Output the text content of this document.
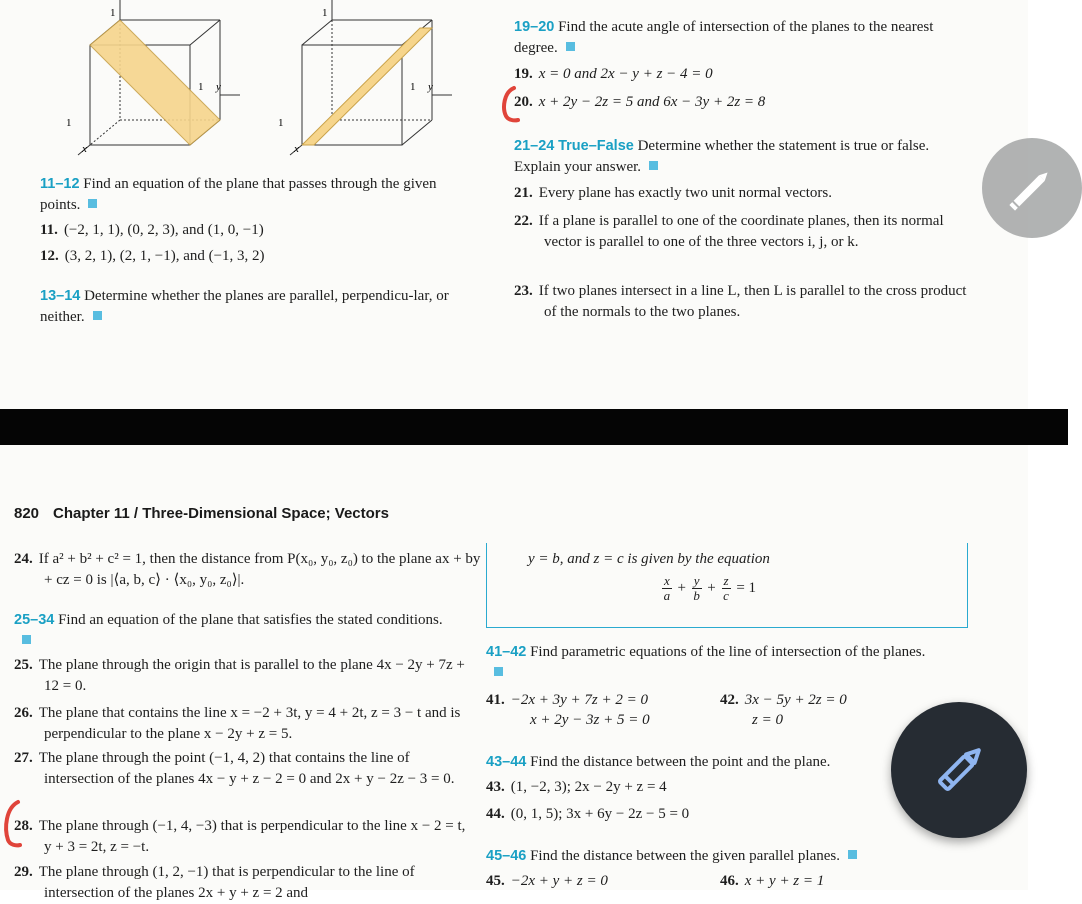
1
1 y
1
x
1
1 y
1
x
11–12 Find an equation of the plane that passes through the given points.
11. (−2, 1, 1), (0, 2, 3), and (1, 0, −1)
12. (3, 2, 1), (2, 1, −1), and (−1, 3, 2)
13–14 Determine whether the planes are parallel, perpendicu-lar, or neither.
19–20 Find the acute angle of intersection of the planes to the nearest degree.
19. x = 0 and 2x − y + z − 4 = 0
20. x + 2y − 2z = 5 and 6x − 3y + 2z = 8
21–24 True–False Determine whether the statement is true or false. Explain your answer.
21. Every plane has exactly two unit normal vectors.
22. If a plane is parallel to one of the coordinate planes, then its normal vector is parallel to one of the three vectors i, j, or k.
23. If two planes intersect in a line L, then L is parallel to the cross product of the normals to the two planes.
820 Chapter 11 / Three-Dimensional Space; Vectors
24. If a² + b² + c² = 1, then the distance from P(x₀, y₀, z₀) to the plane ax + by + cz = 0 is |⟨a, b, c⟩ · ⟨x₀, y₀, z₀⟩|.
25–34 Find an equation of the plane that satisfies the stated conditions.
25. The plane through the origin that is parallel to the plane 4x − 2y + 7z + 12 = 0.
26. The plane that contains the line x = −2 + 3t, y = 4 + 2t, z = 3 − t and is perpendicular to the plane x − 2y + z = 5.
27. The plane through the point (−1, 4, 2) that contains the line of intersection of the planes 4x − y + z − 2 = 0 and 2x + y − 2z − 3 = 0.
28. The plane through (−1, 4, −3) that is perpendicular to the line x − 2 = t, y + 3 = 2t, z = −t.
29. The plane through (1, 2, −1) that is perpendicular to the line of intersection of the planes 2x + y + z = 2 and
y = b, and z = c is given by the equation
$\frac{x}{a} + \frac{y}{b} + \frac{z}{c} = 1$
41–42 Find parametric equations of the line of intersection of the planes.
41. −2x + 3y + 7z + 2 = 0
x + 2y − 3z + 5 = 0
42. 3x − 5y + 2z = 0
z = 0
43–44 Find the distance between the point and the plane.
43. (1, −2, 3); 2x − 2y + z = 4
44. (0, 1, 5); 3x + 6y − 2z − 5 = 0
45–46 Find the distance between the given parallel planes.
45. −2x + y + z = 0	46. x + y + z = 1
